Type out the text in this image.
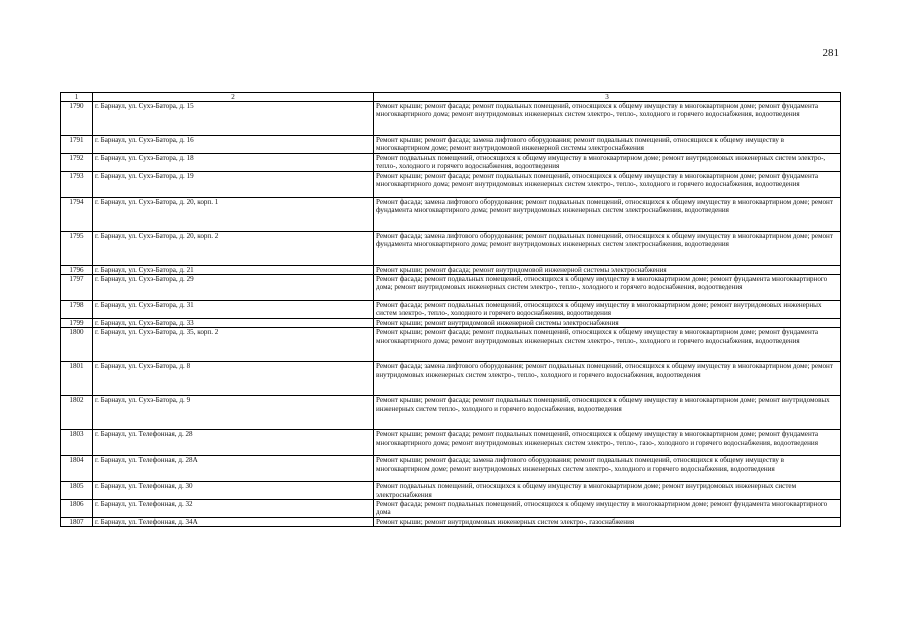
281
1	2	3
1790	г. Барнаул, ул. Сухэ-Батора, д. 15	Ремонт крыши; ремонт фасада; ремонт подвальных помещений, относящихся к общему имуществу в многоквартирном доме; ремонт фундамента многоквартирного дома; ремонт внутридомовых инженерных систем электро-, тепло-, холодного и горячего водоснабжения, водоотведения
1791	г. Барнаул, ул. Сухэ-Батора, д. 16	Ремонт крыши; ремонт фасада; замена лифтового оборудования; ремонт подвальных помещений, относящихся к общему имуществу в многоквартирном доме; ремонт внутридомовой инженерной системы электроснабжения
1792	г. Барнаул, ул. Сухэ-Батора, д. 18	Ремонт подвальных помещений, относящихся к общему имуществу в многоквартирном доме; ремонт внутридомовых инженерных систем электро-, тепло-, холодного и горячего водоснабжения, водоотведения
1793	г. Барнаул, ул. Сухэ-Батора, д. 19	Ремонт крыши; ремонт фасада; ремонт подвальных помещений, относящихся к общему имуществу в многоквартирном доме; ремонт фундамента многоквартирного дома; ремонт внутридомовых инженерных систем электро-, тепло-, холодного и горячего водоснабжения, водоотведения
1794	г. Барнаул, ул. Сухэ-Батора, д. 20, корп. 1	Ремонт фасада; замена лифтового оборудования; ремонт подвальных помещений, относящихся к общему имуществу в многоквартирном доме; ремонт фундамента многоквартирного дома; ремонт внутридомовых инженерных систем электроснабжения, водоотведения
1795	г. Барнаул, ул. Сухэ-Батора, д. 20, корп. 2	Ремонт фасада; замена лифтового оборудования; ремонт подвальных помещений, относящихся к общему имуществу в многоквартирном доме; ремонт фундамента многоквартирного дома; ремонт внутридомовых инженерных систем электроснабжения, водоотведения
1796	г. Барнаул, ул. Сухэ-Батора, д. 21	Ремонт крыши; ремонт фасада; ремонт внутридомовой инженерной системы электроснабжения
1797	г. Барнаул, ул. Сухэ-Батора, д. 29	Ремонт фасада; ремонт подвальных помещений, относящихся к общему имуществу в многоквартирном доме; ремонт фундамента многоквартирного дома; ремонт внутридомовых инженерных систем электро-, тепло-, холодного и горячего водоснабжения, водоотведения
1798	г. Барнаул, ул. Сухэ-Батора, д. 31	Ремонт фасада; ремонт подвальных помещений, относящихся к общему имуществу в многоквартирном доме; ремонт внутридомовых инженерных систем электро-, тепло-, холодного и горячего водоснабжения, водоотведения
1799	г. Барнаул, ул. Сухэ-Батора, д. 33	Ремонт крыши; ремонт внутридомовой инженерной системы электроснабжения
1800	г. Барнаул, ул. Сухэ-Батора, д. 35, корп. 2	Ремонт крыши; ремонт фасада; ремонт подвальных помещений, относящихся к общему имуществу в многоквартирном доме; ремонт фундамента многоквартирного дома; ремонт внутридомовых инженерных систем электро-, тепло-, холодного и горячего водоснабжения, водоотведения
1801	г. Барнаул, ул. Сухэ-Батора, д. 8	Ремонт фасада; замена лифтового оборудования; ремонт подвальных помещений, относящихся к общему имуществу в многоквартирном доме; ремонт внутридомовых инженерных систем электро-, тепло-, холодного и горячего водоснабжения, водоотведения
1802	г. Барнаул, ул. Сухэ-Батора, д. 9	Ремонт крыши; ремонт фасада; ремонт подвальных помещений, относящихся к общему имуществу в многоквартирном доме; ремонт внутридомовых инженерных систем тепло-, холодного и горячего водоснабжения, водоотведения
1803	г. Барнаул, ул. Телефонная, д. 28	Ремонт крыши; ремонт фасада; ремонт подвальных помещений, относящихся к общему имуществу в многоквартирном доме; ремонт фундамента многоквартирного дома; ремонт внутридомовых инженерных систем электро-, тепло-, газо-, холодного и горячего водоснабжения, водоотведения
1804	г. Барнаул, ул. Телефонная, д. 28А	Ремонт крыши; ремонт фасада; замена лифтового оборудования; ремонт подвальных помещений, относящихся к общему имуществу в многоквартирном доме; ремонт внутридомовых инженерных систем электро-, холодного и горячего водоснабжения, водоотведения
1805	г. Барнаул, ул. Телефонная, д. 30	Ремонт подвальных помещений, относящихся к общему имуществу в многоквартирном доме; ремонт внутридомовых инженерных систем электроснабжения
1806	г. Барнаул, ул. Телефонная, д. 32	Ремонт фасада; ремонт подвальных помещений, относящихся к общему имуществу в многоквартирном доме; ремонт фундамента многоквартирного дома
1807	г. Барнаул, ул. Телефонная, д. 34А	Ремонт крыши; ремонт внутридомовых инженерных систем электро-, газоснабжения
